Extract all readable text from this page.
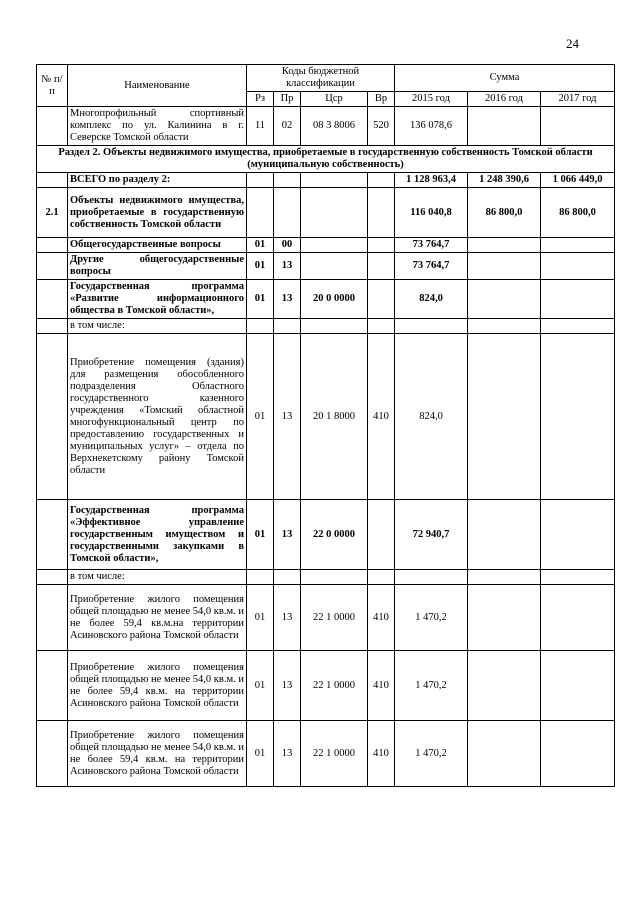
24
№ п/п	Наименование	Коды бюджетной классификации				Сумма		
		Рз	Пр	Цср	Вр	2015 год	2016 год	2017 год
	Многопрофильный спортивный комплекс по ул. Калинина в г. Северске Томской области	11	02	08 3 8006	520	136 078,6		
Раздел 2. Объекты недвижимого имущества, приобретаемые в государственную собственность Томской области (муниципальную собственность)								
	ВСЕГО по разделу 2:					1 128 963,4	1 248 390,6	1 066 449,0
2.1	Объекты недвижимого имущества, приобретаемые в государственную собственность Томской области					116 040,8	86 800,0	86 800,0
	Общегосударственные вопросы	01	00			73 764,7		
	Другие общегосударственные вопросы	01	13			73 764,7		
	Государственная программа «Развитие информационного общества в Томской области»,	01	13	20 0 0000		824,0		
	в том числе:							
	Приобретение помещения (здания) для размещения обособленного подразделения Областного государственного казенного учреждения «Томский областной многофункциональный центр по предоставлению государственных и муниципальных услуг» – отдела по Верхнекетскому району Томской области	01	13	20 1 8000	410	824,0		
	Государственная программа «Эффективное управление государственным имуществом и государственными закупками в Томской области»,	01	13	22 0 0000		72 940,7		
	в том числе:							
	Приобретение жилого помещения общей площадью не менее 54,0 кв.м. и не более 59,4 кв.м.на территории Асиновского района Томской области	01	13	22 1 0000	410	1 470,2		
	Приобретение жилого помещения общей площадью не менее 54,0 кв.м. и не более 59,4 кв.м. на территории Асиновского района Томской области	01	13	22 1 0000	410	1 470,2		
	Приобретение жилого помещения общей площадью не менее 54,0 кв.м. и не более 59,4 кв.м. на территории Асиновского района Томской области	01	13	22 1 0000	410	1 470,2		
